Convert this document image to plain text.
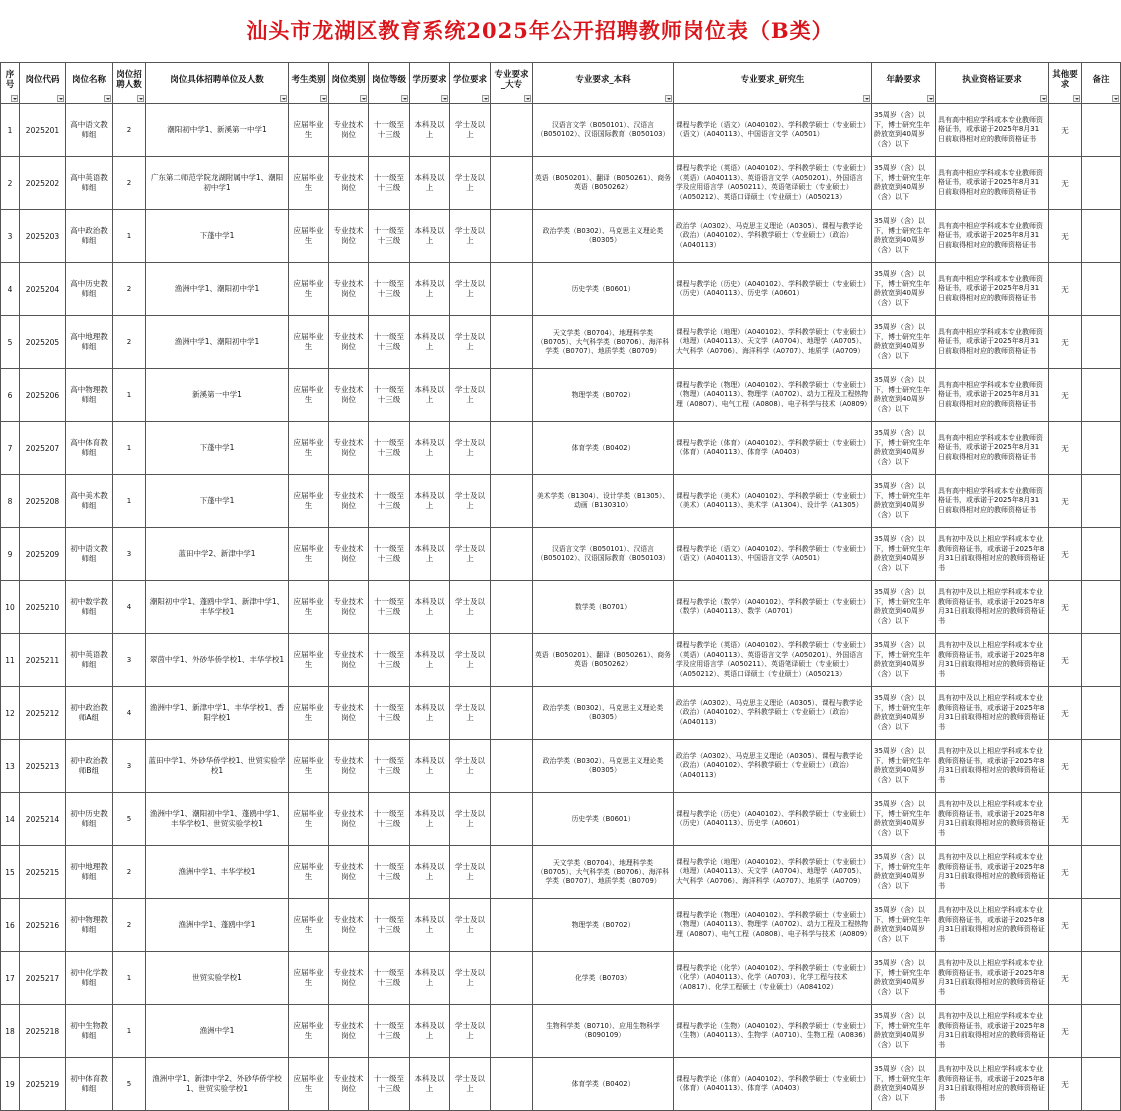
汕头市龙湖区教育系统2025年公开招聘教师岗位表（B类）
序号	岗位代码	岗位名称	岗位招聘人数	岗位具体招聘单位及人数	考生类别	岗位类别	岗位等级	学历要求	学位要求	专业要求_大专	专业要求_本科	专业要求_研究生	年龄要求	执业资格证要求	其他要求	备注

1	2025201	高中语文教师组	2	潮阳初中学1、新溪第一中学1	应届毕业生	专业技术岗位	十一级至十三级	本科及以上	学士及以上		汉语言文学（B050101）、汉语言（B050102）、汉语国际教育（B050103）	课程与教学论（语文）（A040102）、学科教学硕士（专业硕士）（语文）（A040113）、中国语言文学（A0501）	35周岁（含）以下，博士研究生年龄放宽到40周岁（含）以下	具有高中相应学科或本专业教师资格证书，或承诺于2025年8月31日前取得相对应的教师资格证书	无	
2	2025202	高中英语教师组	2	广东第二师范学院龙湖附属中学1、潮阳初中学1	应届毕业生	专业技术岗位	十一级至十三级	本科及以上	学士及以上		英语（B050201）、翻译（B050261）、商务英语（B050262）	课程与教学论（英语）（A040102）、学科教学硕士（专业硕士）（英语）（A040113）、英语语言文学（A050201）、外国语言学及应用语言学（A050211）、英语笔译硕士（专业硕士）（A050212）、英语口译硕士（专业硕士）（A050213）	35周岁（含）以下，博士研究生年龄放宽到40周岁（含）以下	具有高中相应学科或本专业教师资格证书，或承诺于2025年8月31日前取得相对应的教师资格证书	无	
3	2025203	高中政治教师组	1	下蓬中学1	应届毕业生	专业技术岗位	十一级至十三级	本科及以上	学士及以上		政治学类（B0302）、马克思主义理论类（B0305）	政治学（A0302）、马克思主义理论（A0305）、课程与教学论（政治）（A040102）、学科教学硕士（专业硕士）（政治）（A040113）	35周岁（含）以下，博士研究生年龄放宽到40周岁（含）以下	具有高中相应学科或本专业教师资格证书，或承诺于2025年8月31日前取得相对应的教师资格证书	无	
4	2025204	高中历史教师组	2	渔洲中学1、潮阳初中学1	应届毕业生	专业技术岗位	十一级至十三级	本科及以上	学士及以上		历史学类（B0601）	课程与教学论（历史）（A040102）、学科教学硕士（专业硕士）（历史）（A040113）、历史学（A0601）	35周岁（含）以下，博士研究生年龄放宽到40周岁（含）以下	具有高中相应学科或本专业教师资格证书，或承诺于2025年8月31日前取得相对应的教师资格证书	无	
5	2025205	高中地理教师组	2	渔洲中学1、潮阳初中学1	应届毕业生	专业技术岗位	十一级至十三级	本科及以上	学士及以上		天文学类（B0704）、地理科学类（B0705）、大气科学类（B0706）、海洋科学类（B0707）、地质学类（B0709）	课程与教学论（地理）（A040102）、学科教学硕士（专业硕士）（地理）（A040113）、天文学（A0704）、地理学（A0705）、大气科学（A0706）、海洋科学（A0707）、地质学（A0709）	35周岁（含）以下，博士研究生年龄放宽到40周岁（含）以下	具有高中相应学科或本专业教师资格证书，或承诺于2025年8月31日前取得相对应的教师资格证书	无	
6	2025206	高中物理教师组	1	新溪第一中学1	应届毕业生	专业技术岗位	十一级至十三级	本科及以上	学士及以上		物理学类（B0702）	课程与教学论（物理）（A040102）、学科教学硕士（专业硕士）（物理）（A040113）、物理学（A0702）、动力工程及工程热物理（A0807）、电气工程（A0808）、电子科学与技术（A0809）	35周岁（含）以下，博士研究生年龄放宽到40周岁（含）以下	具有高中相应学科或本专业教师资格证书，或承诺于2025年8月31日前取得相对应的教师资格证书	无	
7	2025207	高中体育教师组	1	下蓬中学1	应届毕业生	专业技术岗位	十一级至十三级	本科及以上	学士及以上		体育学类（B0402）	课程与教学论（体育）（A040102）、学科教学硕士（专业硕士）（体育）（A040113）、体育学（A0403）	35周岁（含）以下，博士研究生年龄放宽到40周岁（含）以下	具有高中相应学科或本专业教师资格证书，或承诺于2025年8月31日前取得相对应的教师资格证书	无	
8	2025208	高中美术教师组	1	下蓬中学1	应届毕业生	专业技术岗位	十一级至十三级	本科及以上	学士及以上		美术学类（B1304）、设计学类（B1305）、动画（B130310）	课程与教学论（美术）（A040102）、学科教学硕士（专业硕士）（美术）（A040113）、美术学（A1304）、设计学（A1305）	35周岁（含）以下，博士研究生年龄放宽到40周岁（含）以下	具有高中相应学科或本专业教师资格证书，或承诺于2025年8月31日前取得相对应的教师资格证书	无	
9	2025209	初中语文教师组	3	蓝田中学2、新津中学1	应届毕业生	专业技术岗位	十一级至十三级	本科及以上	学士及以上		汉语言文学（B050101）、汉语言（B050102）、汉语国际教育（B050103）	课程与教学论（语文）（A040102）、学科教学硕士（专业硕士）（语文）（A040113）、中国语言文学（A0501）	35周岁（含）以下，博士研究生年龄放宽到40周岁（含）以下	具有初中及以上相应学科或本专业教师资格证书，或承诺于2025年8月31日前取得相对应的教师资格证书	无	
10	2025210	初中数学教师组	4	潮阳初中学1、蓬鸥中学1、新津中学1、丰华学校1	应届毕业生	专业技术岗位	十一级至十三级	本科及以上	学士及以上		数学类（B0701）	课程与教学论（数学）（A040102）、学科教学硕士（专业硕士）（数学）（A040113）、数学（A0701）	35周岁（含）以下，博士研究生年龄放宽到40周岁（含）以下	具有初中及以上相应学科或本专业教师资格证书，或承诺于2025年8月31日前取得相对应的教师资格证书	无	
11	2025211	初中英语教师组	3	翠茵中学1、外砂华侨学校1、丰华学校1	应届毕业生	专业技术岗位	十一级至十三级	本科及以上	学士及以上		英语（B050201）、翻译（B050261）、商务英语（B050262）	课程与教学论（英语）（A040102）、学科教学硕士（专业硕士）（英语）（A040113）、英语语言文学（A050201）、外国语言学及应用语言学（A050211）、英语笔译硕士（专业硕士）（A050212）、英语口译硕士（专业硕士）（A050213）	35周岁（含）以下，博士研究生年龄放宽到40周岁（含）以下	具有初中及以上相应学科或本专业教师资格证书，或承诺于2025年8月31日前取得相对应的教师资格证书	无	
12	2025212	初中政治教师A组	4	渔洲中学1、新津中学1、丰华学校1、香阳学校1	应届毕业生	专业技术岗位	十一级至十三级	本科及以上	学士及以上		政治学类（B0302）、马克思主义理论类（B0305）	政治学（A0302）、马克思主义理论（A0305）、课程与教学论（政治）（A040102）、学科教学硕士（专业硕士）（政治）（A040113）	35周岁（含）以下，博士研究生年龄放宽到40周岁（含）以下	具有初中及以上相应学科或本专业教师资格证书，或承诺于2025年8月31日前取得相对应的教师资格证书	无	
13	2025213	初中政治教师B组	3	蓝田中学1、外砂华侨学校1、世贸实验学校1	应届毕业生	专业技术岗位	十一级至十三级	本科及以上	学士及以上		政治学类（B0302）、马克思主义理论类（B0305）	政治学（A0302）、马克思主义理论（A0305）、课程与教学论（政治）（A040102）、学科教学硕士（专业硕士）（政治）（A040113）	35周岁（含）以下，博士研究生年龄放宽到40周岁（含）以下	具有初中及以上相应学科或本专业教师资格证书，或承诺于2025年8月31日前取得相对应的教师资格证书	无	
14	2025214	初中历史教师组	5	渔洲中学1、潮阳初中学1、蓬鸥中学1、丰华学校1、世贸实验学校1	应届毕业生	专业技术岗位	十一级至十三级	本科及以上	学士及以上		历史学类（B0601）	课程与教学论（历史）（A040102）、学科教学硕士（专业硕士）（历史）（A040113）、历史学（A0601）	35周岁（含）以下，博士研究生年龄放宽到40周岁（含）以下	具有初中及以上相应学科或本专业教师资格证书，或承诺于2025年8月31日前取得相对应的教师资格证书	无	
15	2025215	初中地理教师组	2	渔洲中学1、丰华学校1	应届毕业生	专业技术岗位	十一级至十三级	本科及以上	学士及以上		天文学类（B0704）、地理科学类（B0705）、大气科学类（B0706）、海洋科学类（B0707）、地质学类（B0709）	课程与教学论（地理）（A040102）、学科教学硕士（专业硕士）（地理）（A040113）、天文学（A0704）、地理学（A0705）、大气科学（A0706）、海洋科学（A0707）、地质学（A0709）	35周岁（含）以下，博士研究生年龄放宽到40周岁（含）以下	具有初中及以上相应学科或本专业教师资格证书，或承诺于2025年8月31日前取得相对应的教师资格证书	无	
16	2025216	初中物理教师组	2	渔洲中学1、蓬鸥中学1	应届毕业生	专业技术岗位	十一级至十三级	本科及以上	学士及以上		物理学类（B0702）	课程与教学论（物理）（A040102）、学科教学硕士（专业硕士）（物理）（A040113）、物理学（A0702）、动力工程及工程热物理（A0807）、电气工程（A0808）、电子科学与技术（A0809）	35周岁（含）以下，博士研究生年龄放宽到40周岁（含）以下	具有初中及以上相应学科或本专业教师资格证书，或承诺于2025年8月31日前取得相对应的教师资格证书	无	
17	2025217	初中化学教师组	1	世贸实验学校1	应届毕业生	专业技术岗位	十一级至十三级	本科及以上	学士及以上		化学类（B0703）	课程与教学论（化学）（A040102）、学科教学硕士（专业硕士）（化学）（A040113）、化学（A0703）、化学工程与技术（A0817）、化学工程硕士（专业硕士）（A084102）	35周岁（含）以下，博士研究生年龄放宽到40周岁（含）以下	具有初中及以上相应学科或本专业教师资格证书，或承诺于2025年8月31日前取得相对应的教师资格证书	无	
18	2025218	初中生物教师组	1	渔洲中学1	应届毕业生	专业技术岗位	十一级至十三级	本科及以上	学士及以上		生物科学类（B0710）、应用生物科学（B090109）	课程与教学论（生物）（A040102）、学科教学硕士（专业硕士）（生物）（A040113）、生物学（A0710）、生物工程（A0836）	35周岁（含）以下，博士研究生年龄放宽到40周岁（含）以下	具有初中及以上相应学科或本专业教师资格证书，或承诺于2025年8月31日前取得相对应的教师资格证书	无	
19	2025219	初中体育教师组	5	渔洲中学1、新津中学2、外砂华侨学校1、世贸实验学校1	应届毕业生	专业技术岗位	十一级至十三级	本科及以上	学士及以上		体育学类（B0402）	课程与教学论（体育）（A040102）、学科教学硕士（专业硕士）（体育）（A040113）、体育学（A0403）	35周岁（含）以下，博士研究生年龄放宽到40周岁（含）以下	具有初中及以上相应学科或本专业教师资格证书，或承诺于2025年8月31日前取得相对应的教师资格证书	无	
